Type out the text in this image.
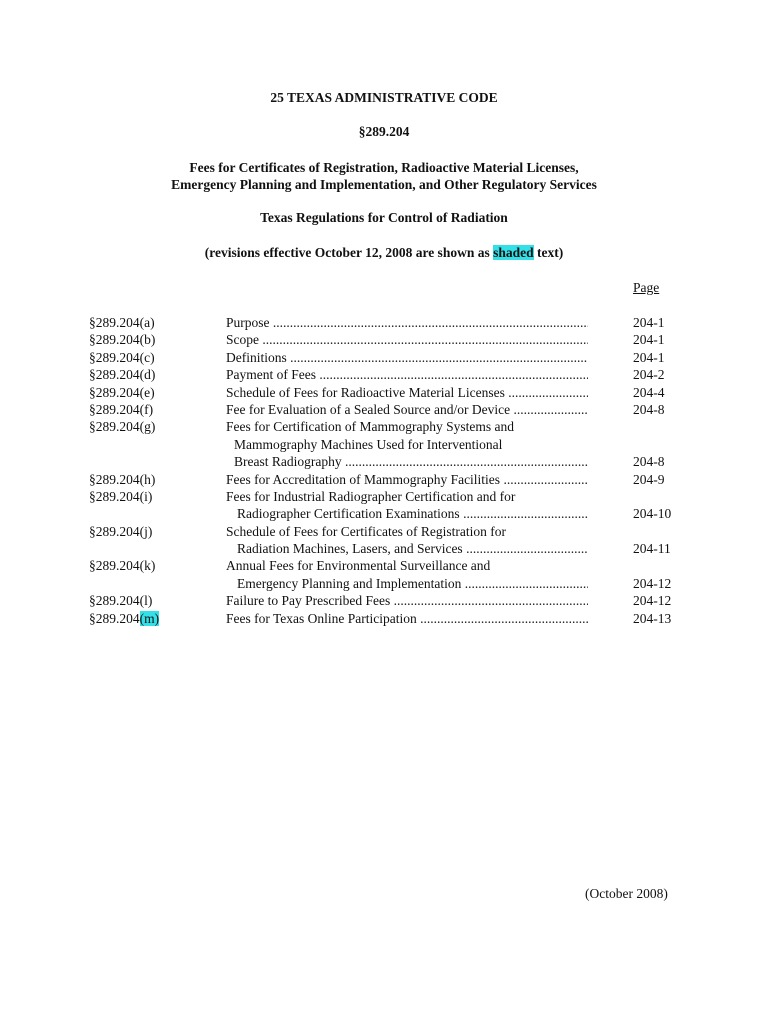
25 TEXAS ADMINISTRATIVE CODE
§289.204
Fees for Certificates of Registration, Radioactive Material Licenses,
Emergency Planning and Implementation, and Other Regulatory Services
Texas Regulations for Control of Radiation
(revisions effective October 12, 2008 are shown as shaded text)
Page
§289.204(a)	Purpose .....	204-1
§289.204(b)	Scope .....	204-1
§289.204(c)	Definitions .....	204-1
§289.204(d)	Payment of Fees .....	204-2
§289.204(e)	Schedule of Fees for Radioactive Material Licenses .....	204-4
§289.204(f)	Fee for Evaluation of a Sealed Source and/or Device .....	204-8
§289.204(g)	Fees for Certification of Mammography Systems and
Mammography Machines Used for Interventional
Breast Radiography .....	204-8
§289.204(h)	Fees for Accreditation of Mammography Facilities .....	204-9
§289.204(i)	Fees for Industrial Radiographer Certification and for
Radiographer Certification Examinations .....	204-10
§289.204(j)	Schedule of Fees for Certificates of Registration for
Radiation Machines, Lasers, and Services .....	204-11
§289.204(k)	Annual Fees for Environmental Surveillance and
Emergency Planning and Implementation .....	204-12
§289.204(l)	Failure to Pay Prescribed Fees .....	204-12
§289.204(m)	Fees for Texas Online Participation .....	204-13
(October 2008)
